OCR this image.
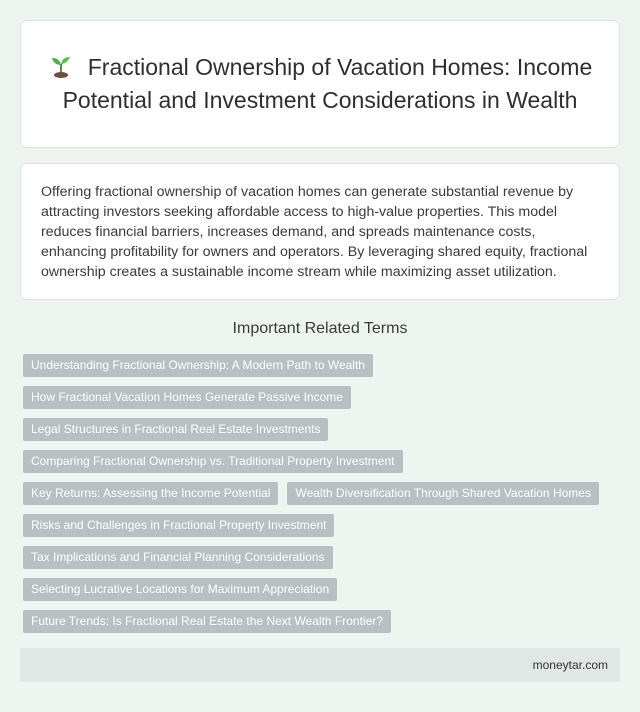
Fractional Ownership of Vacation Homes: Income Potential and Investment Considerations in Wealth

Offering fractional ownership of vacation homes can generate substantial revenue by attracting investors seeking affordable access to high-value properties. This model reduces financial barriers, increases demand, and spreads maintenance costs, enhancing profitability for owners and operators. By leveraging shared equity, fractional ownership creates a sustainable income stream while maximizing asset utilization.

Important Related Terms
Understanding Fractional Ownership: A Modern Path to Wealth
How Fractional Vacation Homes Generate Passive Income
Legal Structures in Fractional Real Estate Investments
Comparing Fractional Ownership vs. Traditional Property Investment
Key Returns: Assessing the Income Potential	Wealth Diversification Through Shared Vacation Homes
Risks and Challenges in Fractional Property Investment
Tax Implications and Financial Planning Considerations
Selecting Lucrative Locations for Maximum Appreciation
Future Trends: Is Fractional Real Estate the Next Wealth Frontier?
moneytar.com
